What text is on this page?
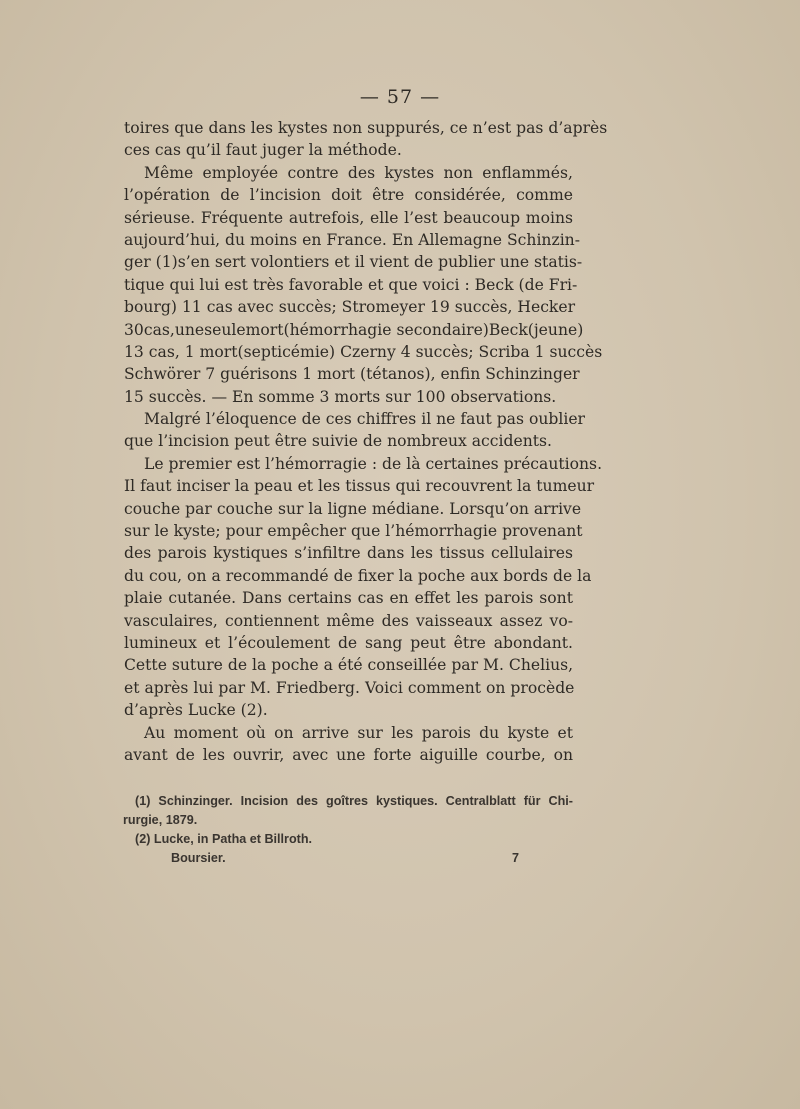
— 57 —
toires que dans les kystes non suppurés, ce n’est pas d’après
ces cas qu’il faut juger la méthode.
Même employée contre des kystes non enflammés,
l’opération de l’incision doit être considérée, comme
sérieuse. Fréquente autrefois, elle l’est beaucoup moins
aujourd’hui, du moins en France. En Allemagne Schinzin-
ger (1)s’en sert volontiers et il vient de publier une statis-
tique qui lui est très favorable et que voici : Beck (de Fri-
bourg) 11 cas avec succès; Stromeyer 19 succès, Hecker
30cas,uneseulemort(hémorrhagie secondaire)Beck(jeune)
13 cas, 1 mort(septicémie) Czerny 4 succès; Scriba 1 succès
Schwörer 7 guérisons 1 mort (tétanos), enfin Schinzinger
15 succès. — En somme 3 morts sur 100 observations.
Malgré l’éloquence de ces chiffres il ne faut pas oublier
que l’incision peut être suivie de nombreux accidents.
Le premier est l’hémorragie : de là certaines précautions.
Il faut inciser la peau et les tissus qui recouvrent la tumeur
couche par couche sur la ligne médiane. Lorsqu’on arrive
sur le kyste; pour empêcher que l’hémorrhagie provenant
des parois kystiques s’infiltre dans les tissus cellulaires
du cou, on a recommandé de fixer la poche aux bords de la
plaie cutanée. Dans certains cas en effet les parois sont
vasculaires, contiennent même des vaisseaux assez vo-
lumineux et l’écoulement de sang peut être abondant.
Cette suture de la poche a été conseillée par M. Chelius,
et après lui par M. Friedberg. Voici comment on procède
d’après Lucke (2).
Au moment où on arrive sur les parois du kyste et
avant de les ouvrir, avec une forte aiguille courbe, on
(1) Schinzinger. Incision des goîtres kystiques. Centralblatt für Chi-
rurgie, 1879.
(2) Lucke, in Patha et Billroth.
Boursier.	7
